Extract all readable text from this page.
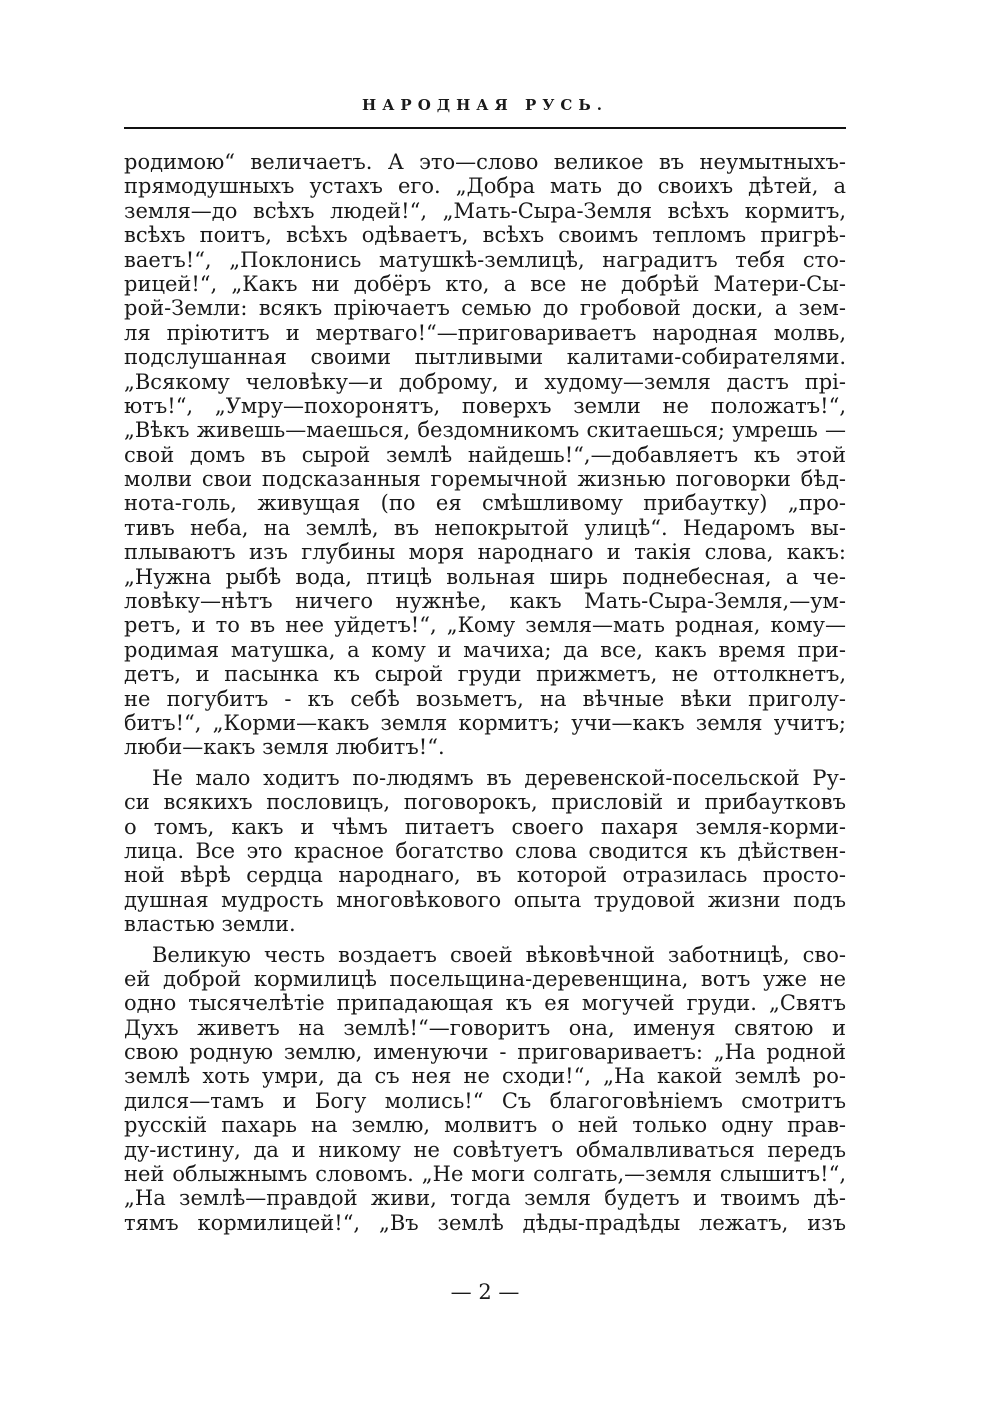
НАРОДНАЯ РУСЬ.
родимою“ величаетъ. А это—слово великое въ неумытныхъ-
прямодушныхъ устахъ его. „Добра мать до своихъ дѣтей, а
земля—до всѣхъ людей!“, „Мать-Сыра-Земля всѣхъ кормитъ,
всѣхъ поитъ, всѣхъ одѣваетъ, всѣхъ своимъ тепломъ пригрѣ-
ваетъ!“, „Поклонись матушкѣ-землицѣ, наградитъ тебя сто-
рицей!“, „Какъ ни добёръ кто, а все не добрѣй Матери-Сы-
рой-Земли: всякъ пріючаетъ семью до гробовой доски, а зем-
ля пріютитъ и мертваго!“—приговариваетъ народная молвь,
подслушанная своими пытливыми калитами-собирателями.
„Всякому человѣку—и доброму, и худому—земля дастъ прі-
ютъ!“, „Умру—похоронятъ, поверхъ земли не положатъ!“,
„Вѣкъ живешь—маешься, бездомникомъ скитаешься; умрешь —
свой домъ въ сырой землѣ найдешь!“,—добавляетъ къ этой
молви свои подсказанныя горемычной жизнью поговорки бѣд-
нота-голь, живущая (по ея смѣшливому прибаутку) „про-
тивъ неба, на землѣ, въ непокрытой улицѣ“. Недаромъ вы-
плываютъ изъ глубины моря народнаго и такія слова, какъ:
„Нужна рыбѣ вода, птицѣ вольная ширь поднебесная, а че-
ловѣку—нѣтъ ничего нужнѣе, какъ Мать-Сыра-Земля,—ум-
ретъ, и то въ нее уйдетъ!“, „Кому земля—мать родная, кому—
родимая матушка, а кому и мачиха; да все, какъ время при-
детъ, и пасынка къ сырой груди прижметъ, не оттолкнетъ,
не погубитъ - къ себѣ возьметъ, на вѣчные вѣки приголу-
битъ!“, „Корми—какъ земля кормитъ; учи—какъ земля учитъ;
люби—какъ земля любитъ!“.
Не мало ходитъ по-людямъ въ деревенской-посельской Ру-
си всякихъ пословицъ, поговорокъ, присловій и прибаутковъ
о томъ, какъ и чѣмъ питаетъ своего пахаря земля-корми-
лица. Все это красное богатство слова сводится къ дѣйствен-
ной вѣрѣ сердца народнаго, въ которой отразилась просто-
душная мудрость многовѣкового опыта трудовой жизни подъ
властью земли.
Великую честь воздаетъ своей вѣковѣчной заботницѣ, сво-
ей доброй кормилицѣ посельщина-деревенщина, вотъ уже не
одно тысячелѣтіе припадающая къ ея могучей груди. „Святъ
Духъ живетъ на землѣ!“—говоритъ она, именуя святою и
свою родную землю, именуючи - приговариваетъ: „На родной
землѣ хоть умри, да съ нея не сходи!“, „На какой землѣ ро-
дился—тамъ и Богу молись!“ Съ благоговѣніемъ смотритъ
русскій пахарь на землю, молвитъ о ней только одну прав-
ду-истину, да и никому не совѣтуетъ обмалвливаться передъ
ней облыжнымъ словомъ. „Не моги солгать,—земля слышитъ!“,
„На землѣ—правдой живи, тогда земля будетъ и твоимъ дѣ-
тямъ кормилицей!“, „Въ землѣ дѣды-прадѣды лежатъ, изъ
— 2 —
